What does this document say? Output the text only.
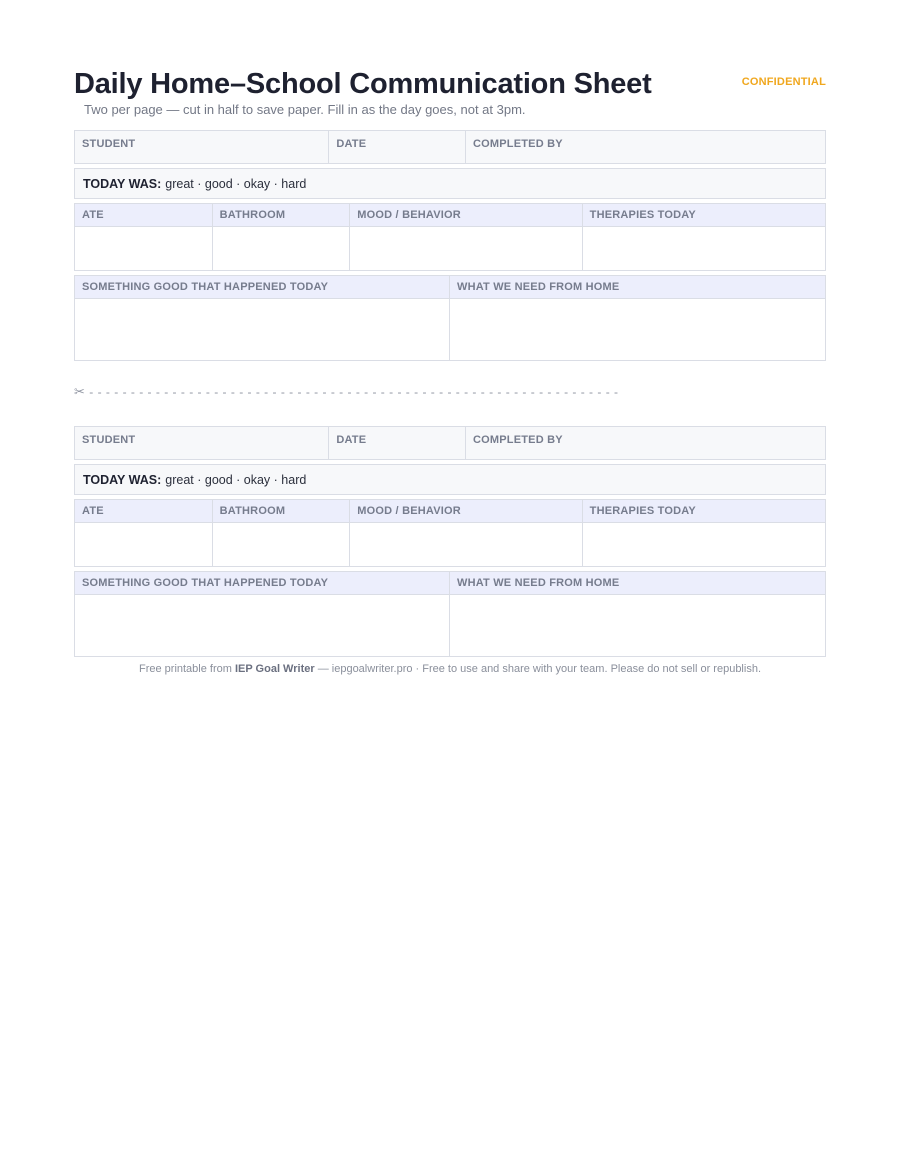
Daily Home–School Communication Sheet

Two per page — cut in half to save paper. Fill in as the day goes, not at 3pm.

CONFIDENTIAL
STUDENT	DATE	COMPLETED BY
TODAY WAS: great · good · okay · hard
ATE	BATHROOM	MOOD / BEHAVIOR	THERAPIES TODAY
SOMETHING GOOD THAT HAPPENED TODAY	WHAT WE NEED FROM HOME
✂ - - - - - - - - - - - - - - - - - - - - - - - - - - - - - - - - - - - - - - - - - - - - - - - - - - - - - - - - - - - - - - - -
STUDENT	DATE	COMPLETED BY
TODAY WAS: great · good · okay · hard
ATE	BATHROOM	MOOD / BEHAVIOR	THERAPIES TODAY
SOMETHING GOOD THAT HAPPENED TODAY	WHAT WE NEED FROM HOME
Free printable from IEP Goal Writer — iepgoalwriter.pro · Free to use and share with your team. Please do not sell or republish.
